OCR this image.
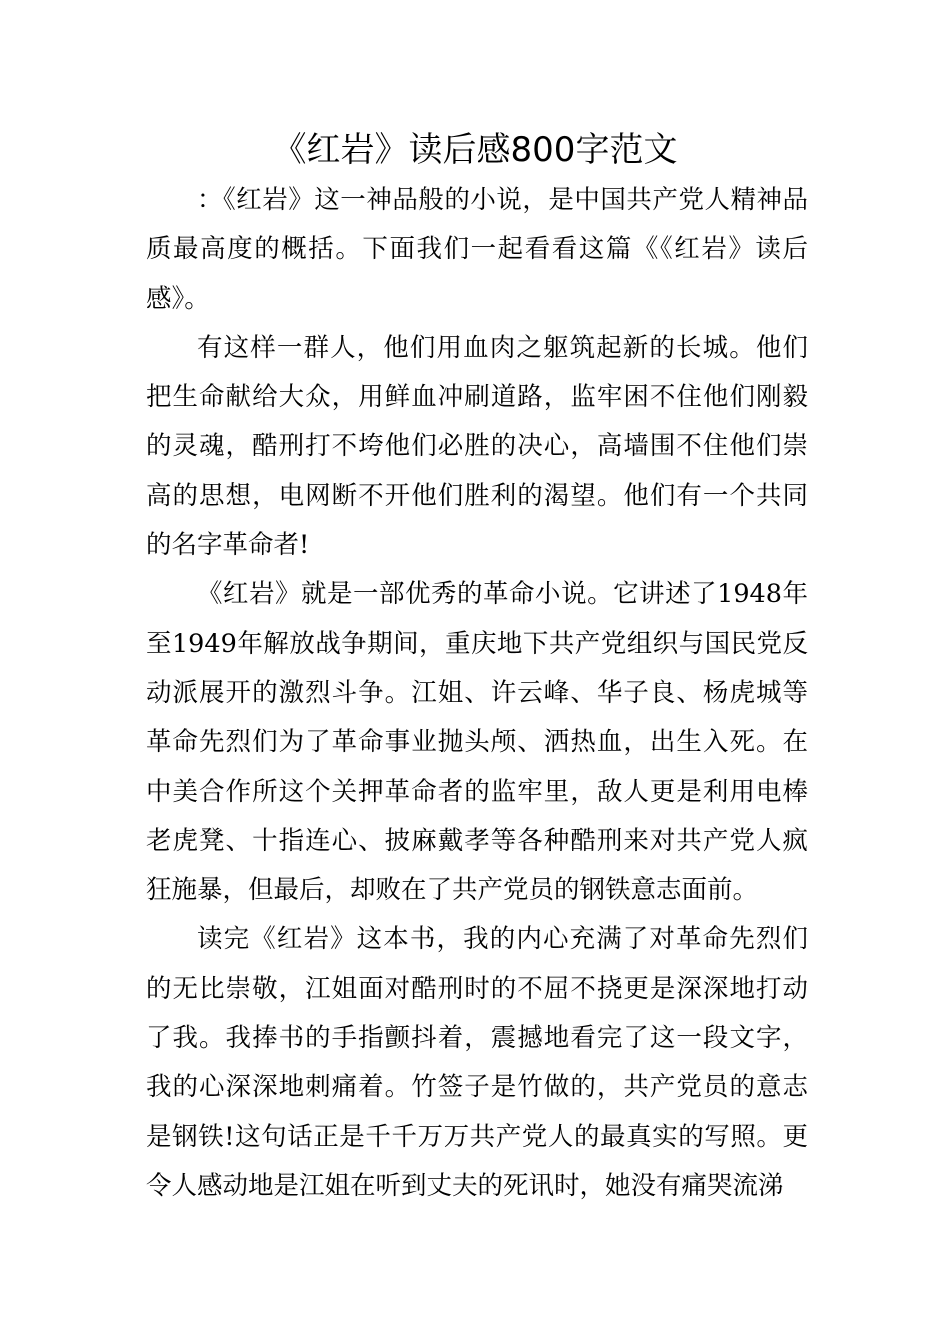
《红岩》读后感800字范文

：《红岩》这一神品般的小说，是中国共产党人精神品质最高度的概括。下面我们一起看看这篇《《红岩》读后感》。

有这样一群人，他们用血肉之躯筑起新的长城。他们把生命献给大众，用鲜血冲刷道路，监牢困不住他们刚毅的灵魂，酷刑打不垮他们必胜的决心，高墙围不住他们崇高的思想，电网断不开他们胜利的渴望。他们有一个共同的名字革命者!

《红岩》就是一部优秀的革命小说。它讲述了1948年至1949年解放战争期间，重庆地下共产党组织与国民党反动派展开的激烈斗争。江姐、许云峰、华子良、杨虎城等革命先烈们为了革命事业抛头颅、洒热血，出生入死。在中美合作所这个关押革命者的监牢里，敌人更是利用电棒老虎凳、十指连心、披麻戴孝等各种酷刑来对共产党人疯狂施暴，但最后，却败在了共产党员的钢铁意志面前。

读完《红岩》这本书，我的内心充满了对革命先烈们的无比崇敬，江姐面对酷刑时的不屈不挠更是深深地打动了我。我捧书的手指颤抖着，震撼地看完了这一段文字，我的心深深地刺痛着。竹签子是竹做的，共产党员的意志是钢铁!这句话正是千千万万共产党人的最真实的写照。更令人感动地是江姐在听到丈夫的死讯时，她没有痛哭流涕
